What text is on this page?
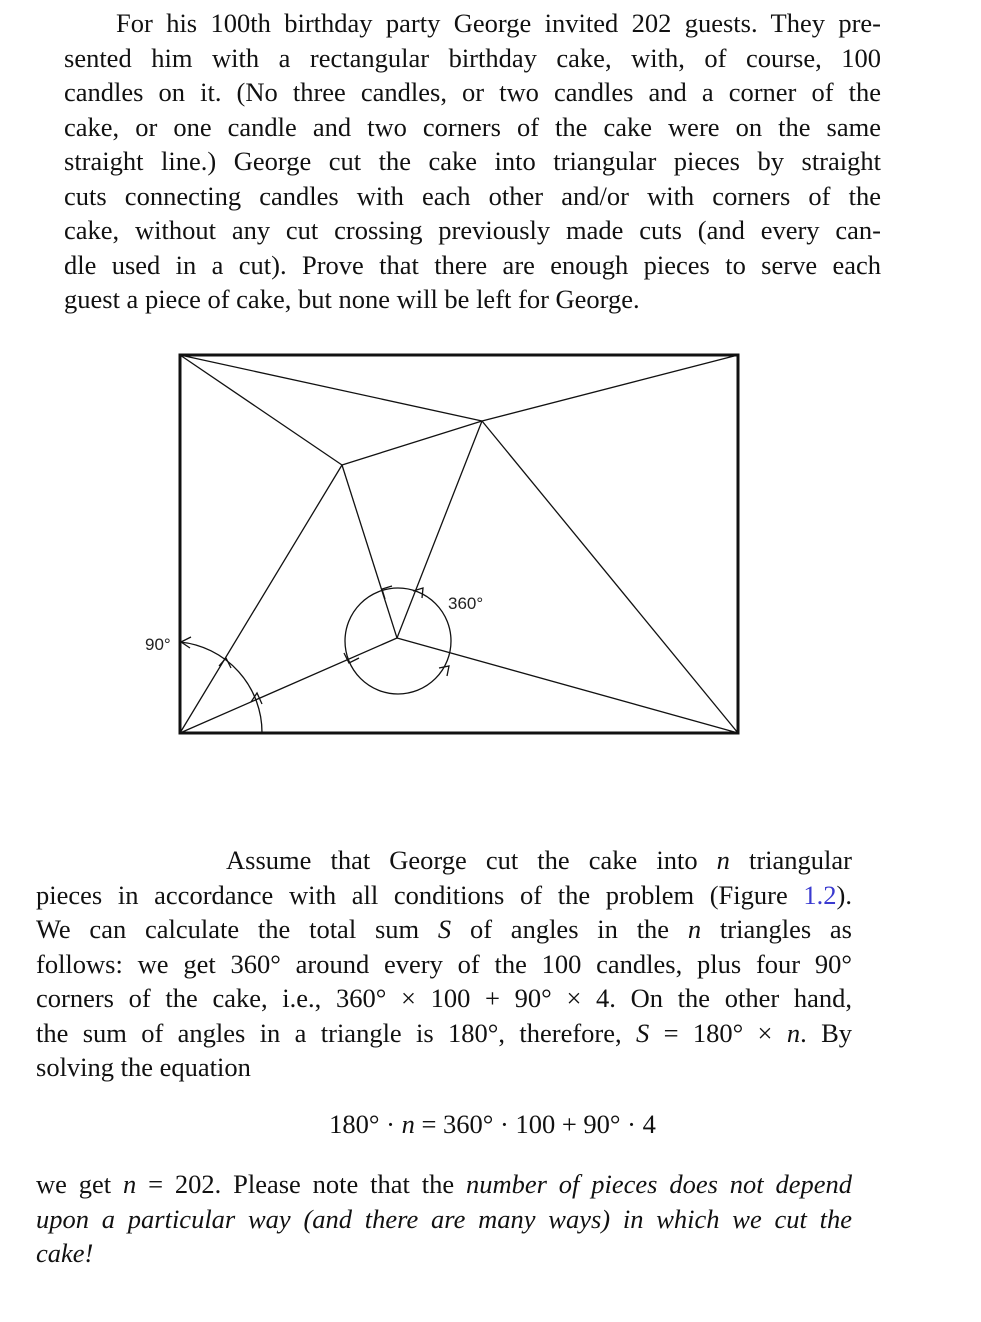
For his 100th birthday party George invited 202 guests. They pre-
sented him with a rectangular birthday cake, with, of course, 100
candles on it. (No three candles, or two candles and a corner of the
cake, or one candle and two corners of the cake were on the same
straight line.) George cut the cake into triangular pieces by straight
cuts connecting candles with each other and/or with corners of the
cake, without any cut crossing previously made cuts (and every can-
dle used in a cut). Prove that there are enough pieces to serve each
guest a piece of cake, but none will be left for George.
90°
360°
Assume that George cut the cake into n triangular
pieces in accordance with all conditions of the problem (Figure 1.2).
We can calculate the total sum S of angles in the n triangles as
follows: we get 360° around every of the 100 candles, plus four 90°
corners of the cake, i.e., 360° × 100 + 90° × 4. On the other hand,
the sum of angles in a triangle is 180°, therefore, S = 180° × n. By
solving the equation
180° · n = 360° · 100 + 90° · 4
we get n = 202. Please note that the number of pieces does not depend
upon a particular way (and there are many ways) in which we cut the
cake!
